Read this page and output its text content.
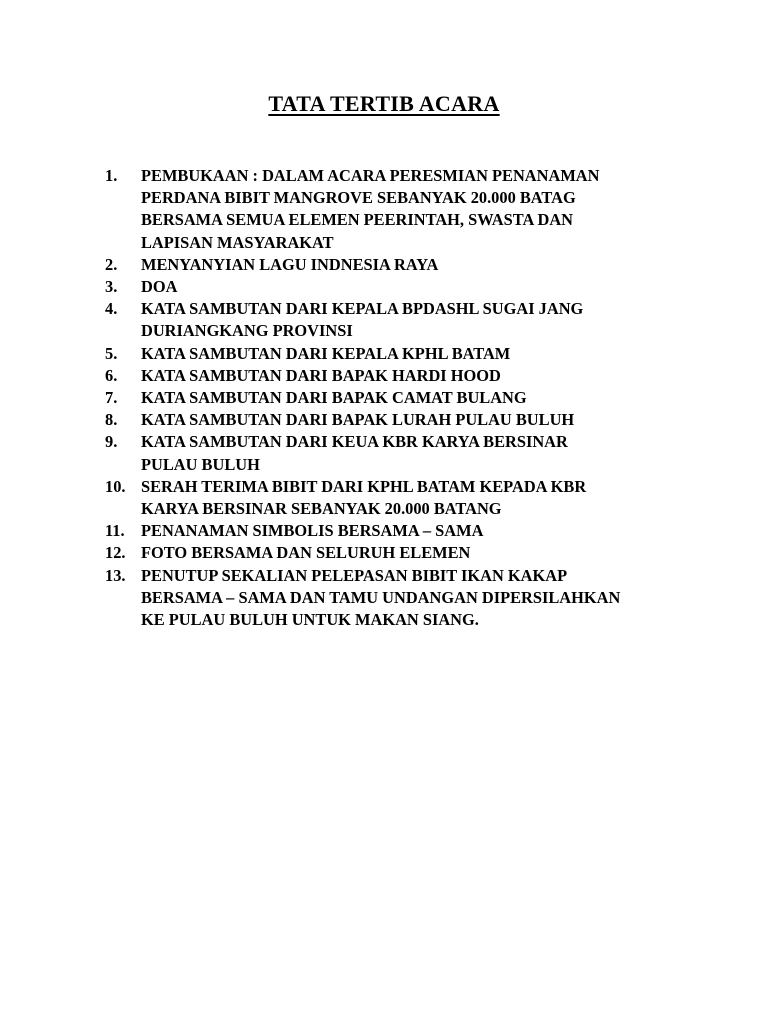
TATA TERTIB ACARA
1.	PEMBUKAAN : DALAM ACARA PERESMIAN PENANAMAN
PERDANA BIBIT MANGROVE SEBANYAK 20.000 BATAG
BERSAMA SEMUA ELEMEN PEERINTAH, SWASTA DAN
LAPISAN MASYARAKAT
2.	MENYANYIAN LAGU INDNESIA RAYA
3.	DOA
4.	KATA SAMBUTAN DARI KEPALA BPDASHL SUGAI JANG
DURIANGKANG PROVINSI
5.	KATA SAMBUTAN DARI KEPALA KPHL BATAM
6.	KATA SAMBUTAN DARI BAPAK HARDI HOOD
7.	KATA SAMBUTAN DARI BAPAK CAMAT BULANG
8.	KATA SAMBUTAN DARI BAPAK LURAH PULAU BULUH
9.	KATA SAMBUTAN DARI KEUA KBR KARYA BERSINAR
PULAU BULUH
10. SERAH TERIMA BIBIT DARI KPHL BATAM KEPADA KBR
KARYA BERSINAR SEBANYAK 20.000 BATANG
11.	PENANAMAN SIMBOLIS BERSAMA – SAMA
12. FOTO BERSAMA DAN SELURUH ELEMEN
13. PENUTUP SEKALIAN PELEPASAN BIBIT IKAN KAKAP
BERSAMA – SAMA DAN TAMU UNDANGAN DIPERSILAHKAN
KE PULAU BULUH UNTUK MAKAN SIANG.
